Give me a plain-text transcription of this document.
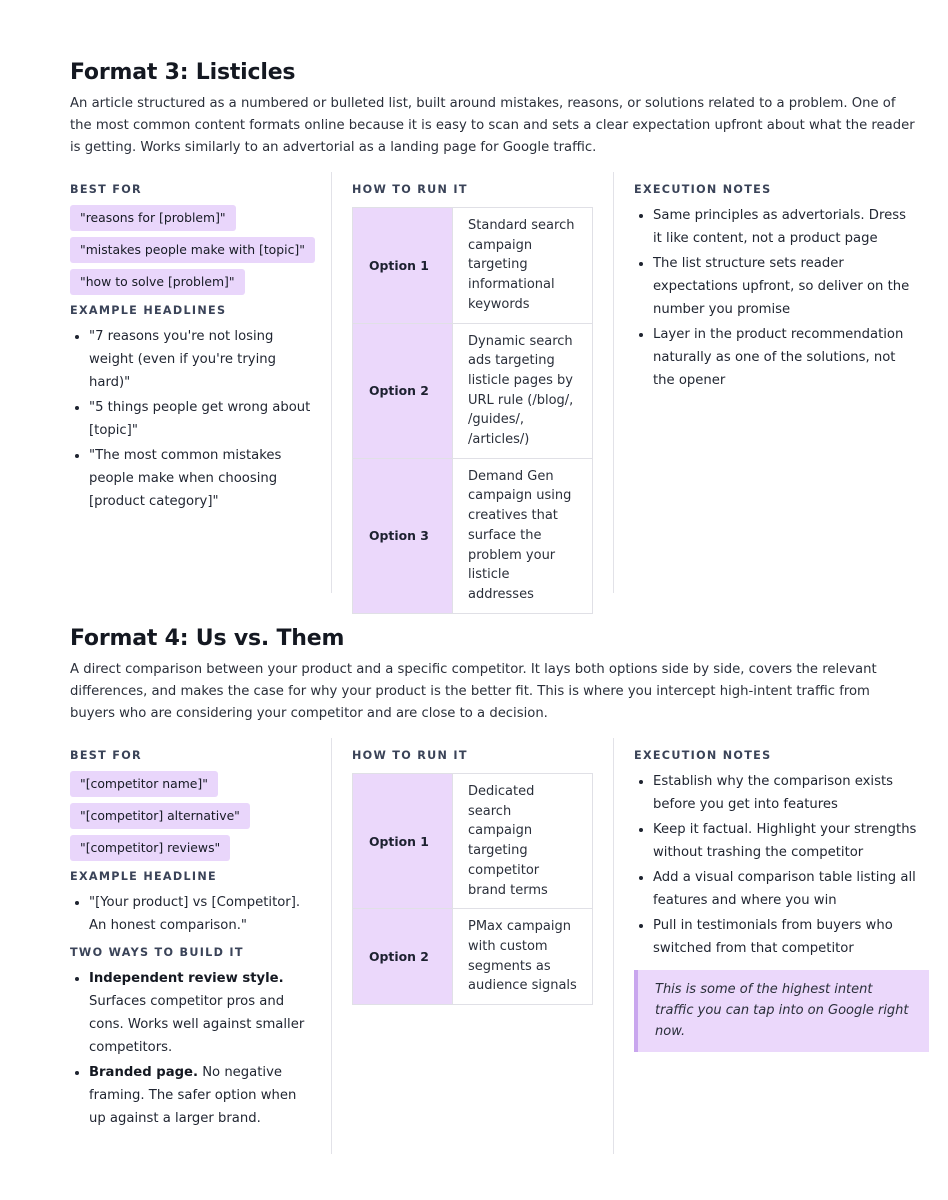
Format 3: Listicles

An article structured as a numbered or bulleted list, built around mistakes, reasons, or solutions related to a problem. One of the most common content formats online because it is easy to scan and sets a clear expectation upfront about what the reader is getting. Works similarly to an advertorial as a landing page for Google traffic.

BEST FOR

"reasons for [problem]"
"mistakes people make with [topic]"
"how to solve [problem]"

EXAMPLE HEADLINES

• "7 reasons you're not losing weight (even if you're trying hard)"
• "5 things people get wrong about [topic]"
• "The most common mistakes people make when choosing [product category]"

HOW TO RUN IT

Option 1	Standard search campaign targeting informational keywords
Option 2	Dynamic search ads targeting listicle pages by URL rule (/blog/, /guides/, /articles/)
Option 3	Demand Gen campaign using creatives that surface the problem your listicle addresses

EXECUTION NOTES

• Same principles as advertorials. Dress it like content, not a product page
• The list structure sets reader expectations upfront, so deliver on the number you promise
• Layer in the product recommendation naturally as one of the solutions, not the opener
Format 4: Us vs. Them

A direct comparison between your product and a specific competitor. It lays both options side by side, covers the relevant differences, and makes the case for why your product is the better fit. This is where you intercept high-intent traffic from buyers who are considering your competitor and are close to a decision.

BEST FOR

"[competitor name]"
"[competitor] alternative"
"[competitor] reviews"

EXAMPLE HEADLINE

• "[Your product] vs [Competitor]. An honest comparison."

TWO WAYS TO BUILD IT

• Independent review style. Surfaces competitor pros and cons. Works well against smaller competitors.
• Branded page. No negative framing. The safer option when up against a larger brand.

HOW TO RUN IT

Option 1	Dedicated search campaign targeting competitor brand terms
Option 2	PMax campaign with custom segments as audience signals

EXECUTION NOTES

• Establish why the comparison exists before you get into features
• Keep it factual. Highlight your strengths without trashing the competitor
• Add a visual comparison table listing all features and where you win
• Pull in testimonials from buyers who switched from that competitor
This is some of the highest intent traffic you can tap into on Google right now.
